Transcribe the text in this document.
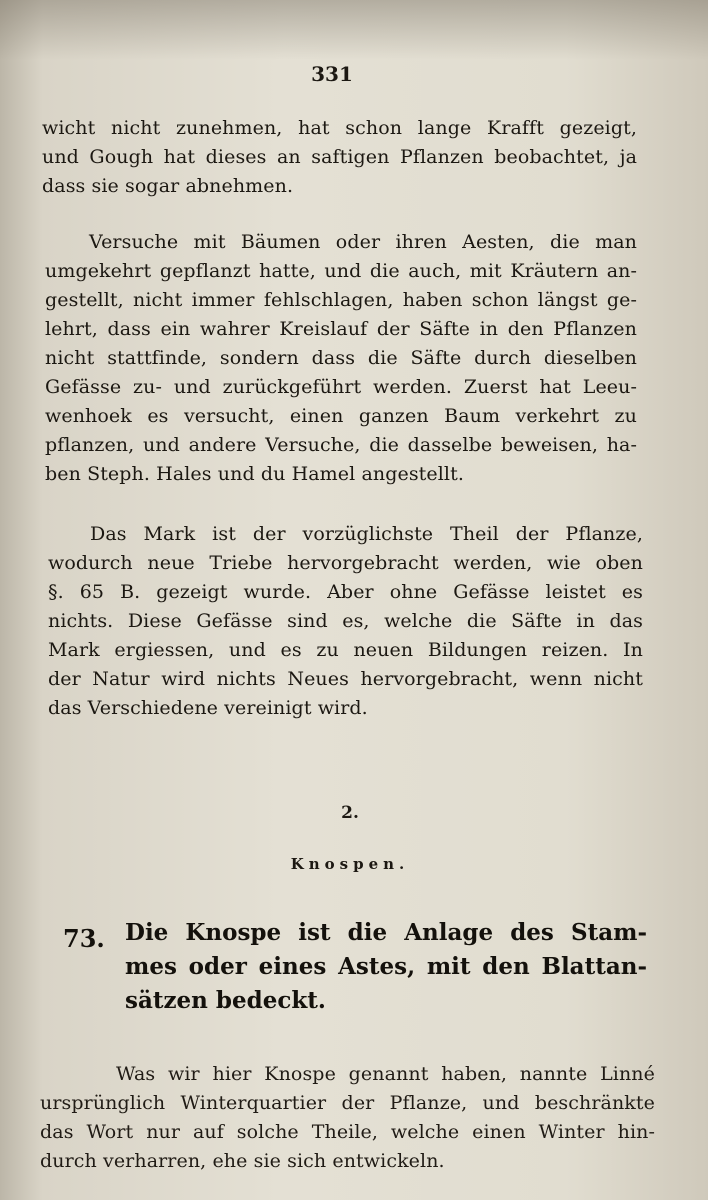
331
wicht nicht zunehmen, hat schon lange Krafft gezeigt,
und Gough hat dieses an saftigen Pflanzen beobachtet, ja
dass sie sogar abnehmen.
Versuche mit Bäumen oder ihren Aesten, die man
umgekehrt gepflanzt hatte, und die auch, mit Kräutern an-
gestellt, nicht immer fehlschlagen, haben schon längst ge-
lehrt, dass ein wahrer Kreislauf der Säfte in den Pflanzen
nicht stattfinde, sondern dass die Säfte durch dieselben
Gefässe zu- und zurückgeführt werden. Zuerst hat Leeu-
wenhoek es versucht, einen ganzen Baum verkehrt zu
pflanzen, und andere Versuche, die dasselbe beweisen, ha-
ben Steph. Hales und du Hamel angestellt.
Das Mark ist der vorzüglichste Theil der Pflanze,
wodurch neue Triebe hervorgebracht werden, wie oben
§. 65 B. gezeigt wurde. Aber ohne Gefässe leistet es
nichts. Diese Gefässe sind es, welche die Säfte in das
Mark ergiessen, und es zu neuen Bildungen reizen. In
der Natur wird nichts Neues hervorgebracht, wenn nicht
das Verschiedene vereinigt wird.
2.
Knospen.
73. Die Knospe ist die Anlage des Stam-
mes oder eines Astes, mit den Blattan-
sätzen bedeckt.
Was wir hier Knospe genannt haben, nannte Linné
ursprünglich Winterquartier der Pflanze, und beschränkte
das Wort nur auf solche Theile, welche einen Winter hin-
durch verharren, ehe sie sich entwickeln.
